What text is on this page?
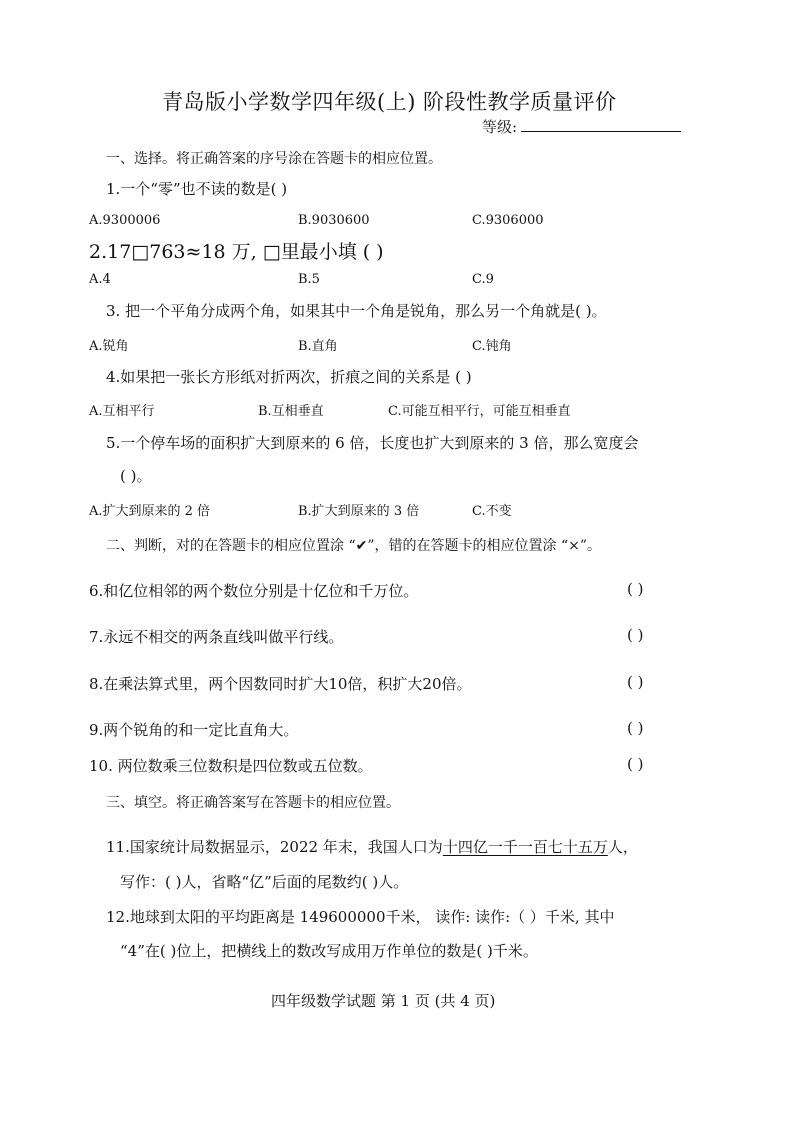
青岛版小学数学四年级(上) 阶段性教学质量评价
等级:
一、选择。将正确答案的序号涂在答题卡的相应位置。
1.一个“零”也不读的数是( )
A.9300006	B.9030600	C.9306000
2.17□763≈18 万, □里最小填 ( )
A.4	B.5	C.9
3. 把一个平角分成两个角，如果其中一个角是锐角，那么另一个角就是( )。
A.锐角	B.直角	C.钝角
4.如果把一张长方形纸对折两次，折痕之间的关系是 ( )
A.互相平行	B.互相垂直	C.可能互相平行，可能互相垂直
5.一个停车场的面积扩大到原来的 6 倍，长度也扩大到原来的 3 倍，那么宽度会
( )。
A.扩大到原来的 2 倍	B.扩大到原来的 3 倍	C.不变
二、判断，对的在答题卡的相应位置涂 “✔”，错的在答题卡的相应位置涂 “×”。
6.和亿位相邻的两个数位分别是十亿位和千万位。	( )
7.永远不相交的两条直线叫做平行线。	( )
8.在乘法算式里，两个因数同时扩大10倍，积扩大20倍。	( )
9.两个锐角的和一定比直角大。	( )
10. 两位数乘三位数积是四位数或五位数。	( )
三、填空。将正确答案写在答题卡的相应位置。
11.国家统计局数据显示，2022 年末，我国人口为十四亿一千一百七十五万人，
写作：( )人，省略“亿”后面的尾数约( )人。
12.地球到太阳的平均距离是 149600000千米， 读作: 读作:（ ）千米, 其中
“4”在( )位上，把横线上的数改写成用万作单位的数是( )千米。
四年级数学试题 第 1 页 (共 4 页)
